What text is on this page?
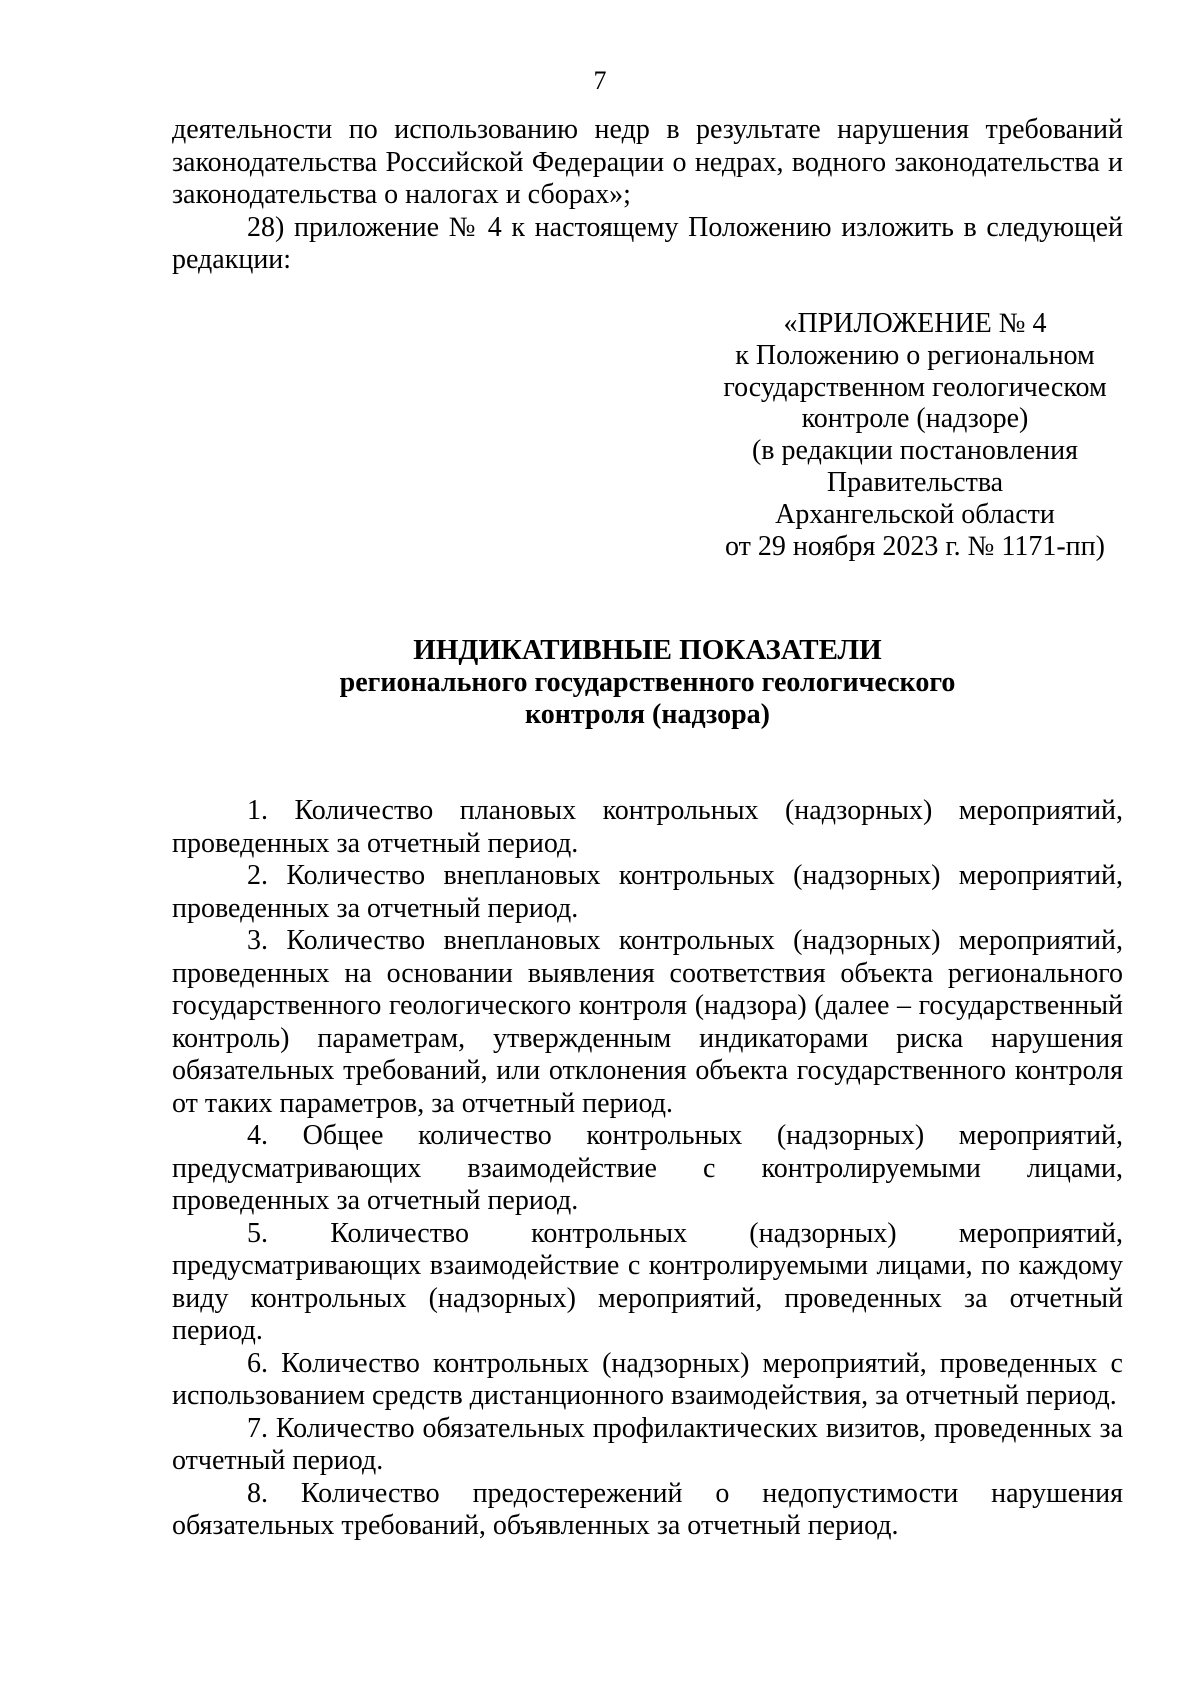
7

деятельности по использованию недр в результате нарушения требований законодательства Российской Федерации о недрах, водного законодательства и законодательства о налогах и сборах»;

28) приложение № 4 к настоящему Положению изложить в следующей редакции:

«ПРИЛОЖЕНИЕ № 4
к Положению о региональном
государственном геологическом
контроле (надзоре)
(в редакции постановления
Правительства
Архангельской области
от 29 ноября 2023 г. № 1171-пп)
ИНДИКАТИВНЫЕ ПОКАЗАТЕЛИ
регионального государственного геологического
контроля (надзора)

1. Количество плановых контрольных (надзорных) мероприятий, проведенных за отчетный период.

2. Количество внеплановых контрольных (надзорных) мероприятий, проведенных за отчетный период.

3. Количество внеплановых контрольных (надзорных) мероприятий, проведенных на основании выявления соответствия объекта регионального государственного геологического контроля (надзора) (далее – государственный контроль) параметрам, утвержденным индикаторами риска нарушения обязательных требований, или отклонения объекта государственного контроля от таких параметров, за отчетный период.

4. Общее количество контрольных (надзорных) мероприятий, предусматривающих взаимодействие с контролируемыми лицами, проведенных за отчетный период.

5. Количество контрольных (надзорных) мероприятий, предусматривающих взаимодействие с контролируемыми лицами, по каждому виду контрольных (надзорных) мероприятий, проведенных за отчетный период.

6. Количество контрольных (надзорных) мероприятий, проведенных с использованием средств дистанционного взаимодействия, за отчетный период.

7. Количество обязательных профилактических визитов, проведенных за отчетный период.

8. Количество предостережений о недопустимости нарушения обязательных требований, объявленных за отчетный период.
